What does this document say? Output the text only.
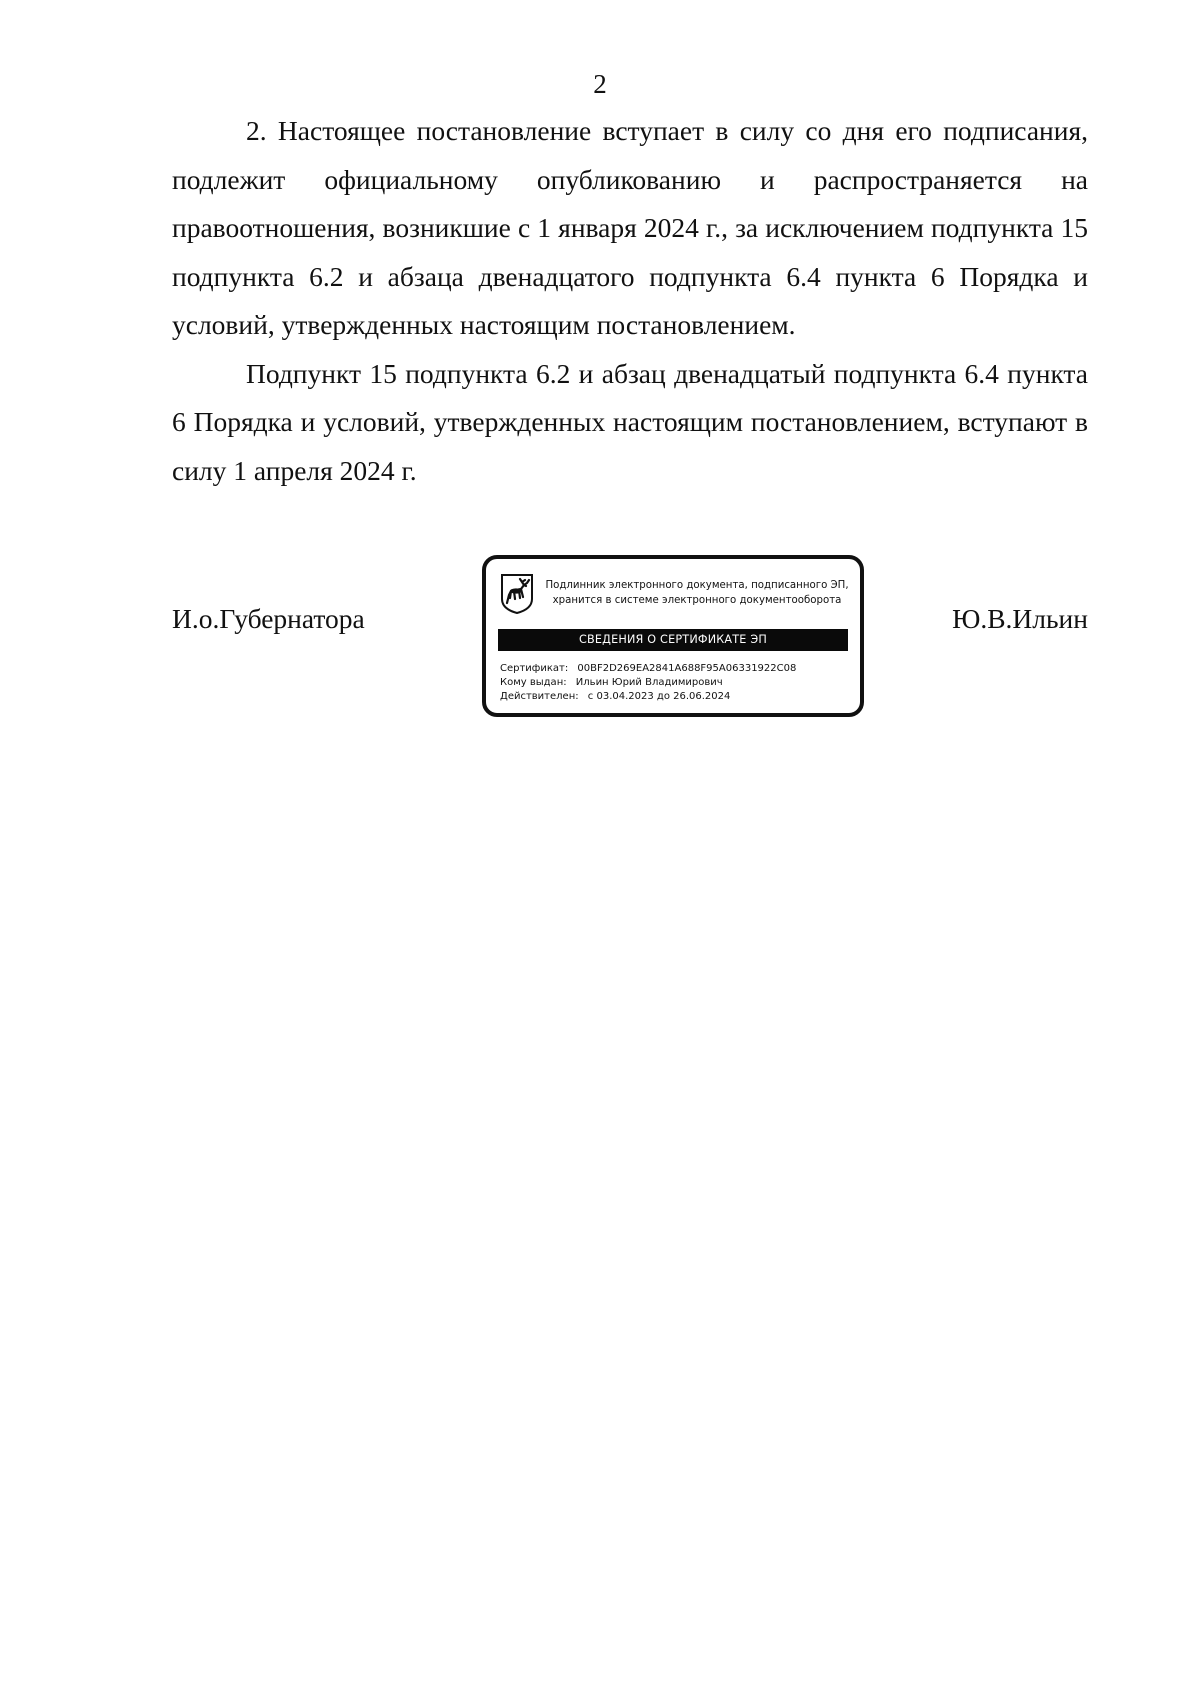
2

2. Настоящее постановление вступает в силу со дня его подписания, подлежит официальному опубликованию и распространяется на правоотношения, возникшие с 1 января 2024 г., за исключением подпункта 15 подпункта 6.2 и абзаца двенадцатого подпункта 6.4 пункта 6 Порядка и условий, утвержденных настоящим постановлением.

Подпункт 15 подпункта 6.2 и абзац двенадцатый подпункта 6.4 пункта 6 Порядка и условий, утвержденных настоящим постановлением, вступают в силу 1 апреля 2024 г.

И.о.Губернатора
Подлинник электронного документа, подписанного ЭП,
хранится в системе электронного документооборота
СВЕДЕНИЯ О СЕРТИФИКАТЕ ЭП
Сертификат: 00BF2D269EA2841A688F95A06331922C08
Кому выдан: Ильин Юрий Владимирович
Действителен: с 03.04.2023 до 26.06.2024
Ю.В.Ильин
